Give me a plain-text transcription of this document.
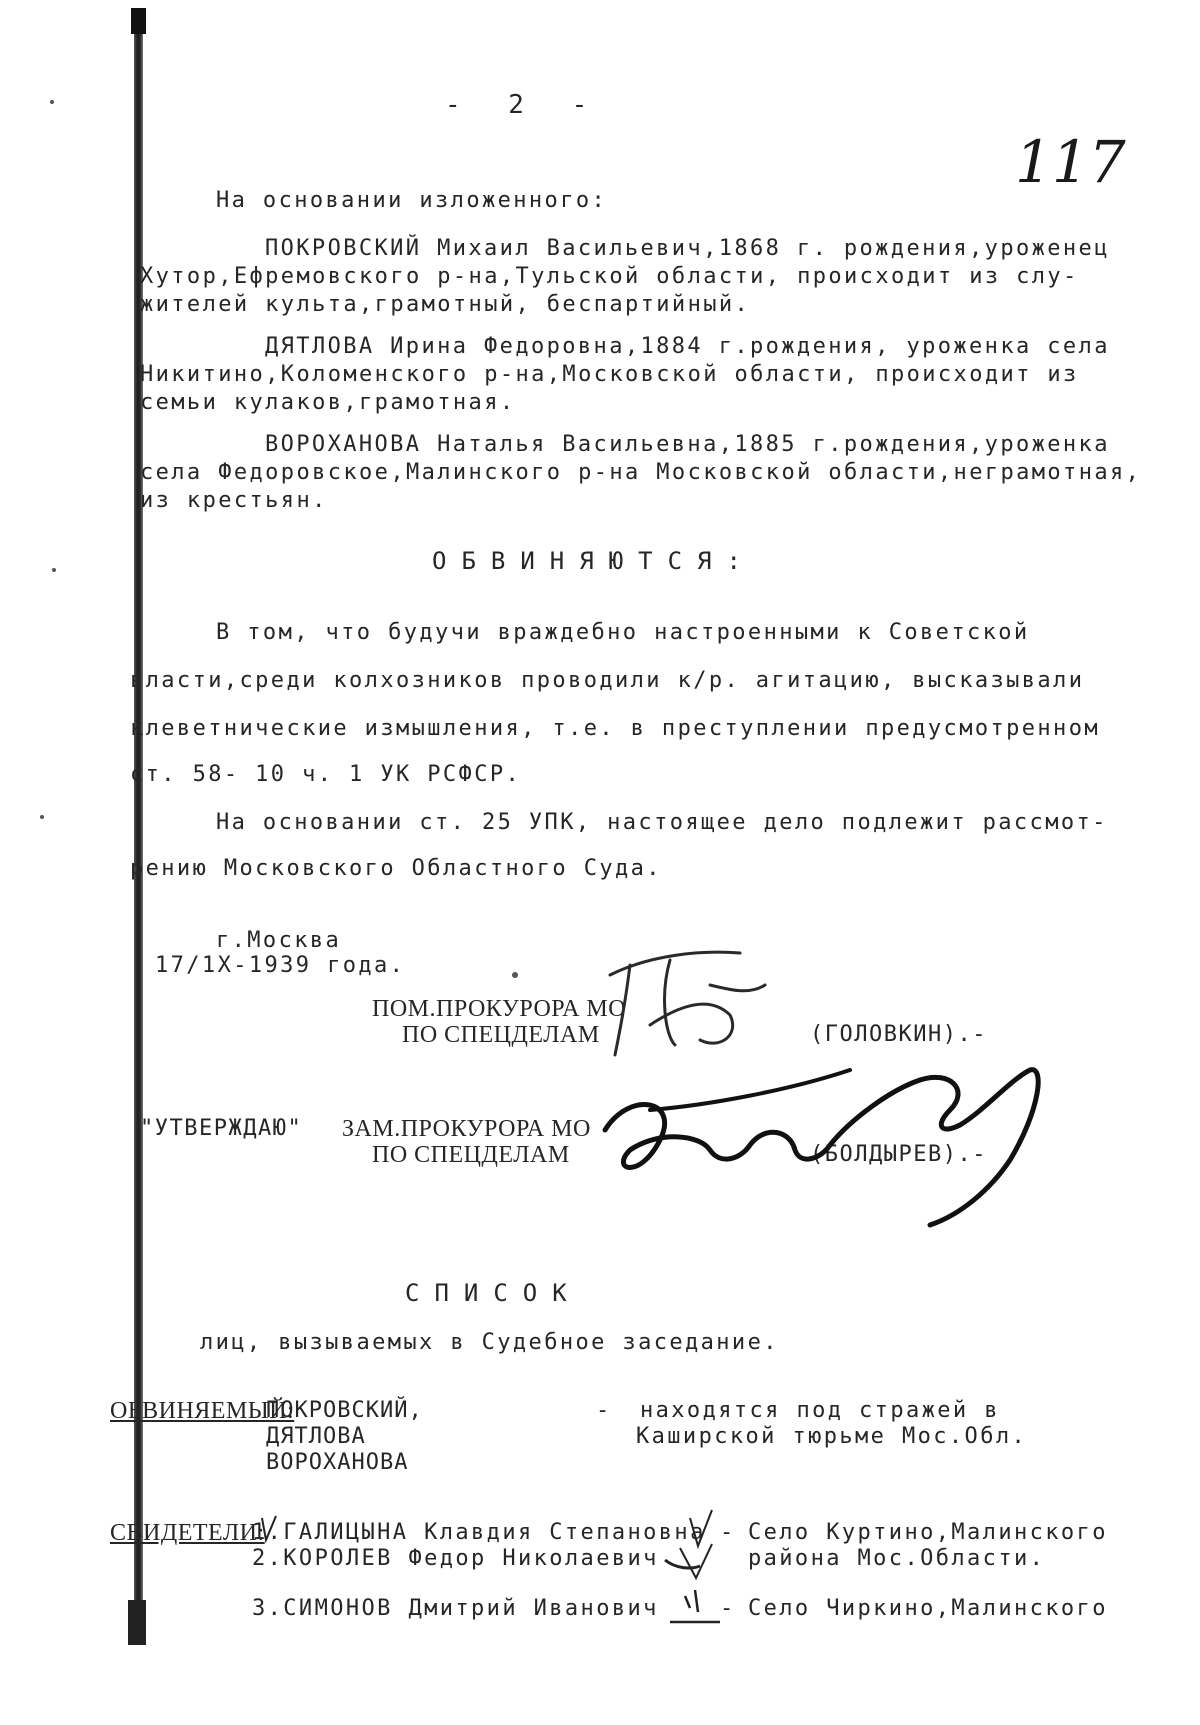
- 2 -
117
На основании изложенного:
ПОКРОВСКИЙ Михаил Васильевич,1868 г. рождения,уроженец
Хутор,Ефремовского р-на,Тульской области, происходит из слу-
жителей культа,грамотный, беспартийный.
ДЯТЛОВА Ирина Федоровна,1884 г.рождения, уроженка села
Никитино,Коломенского р-на,Московской области, происходит из
семьи кулаков,грамотная.
ВОРОХАНОВА Наталья Васильевна,1885 г.рождения,уроженка
села Федоровское,Малинского р-на Московской области,неграмотная,
из крестьян.
ОБВИНЯЮТСЯ:
В том, что будучи враждебно настроенными к Советской
власти,среди колхозников проводили к/р. агитацию, высказывали
клеветнические измышления, т.е. в преступлении предусмотренном
ст. 58- 10 ч. 1 УК РСФСР.
На основании ст. 25 УПК, настоящее дело подлежит рассмот-
рению Московского Областного Суда.
г.Москва
17/1Х-1939 года.
ПОМ.ПРОКУРОРА МО
ПО СПЕЦДЕЛАМ	(ГОЛОВКИН).-
"УТВЕРЖДАЮ" ЗАМ.ПРОКУРОРА МО
ПО СПЕЦДЕЛАМ	(БОЛДЫРЕВ).-
СПИСОК
лиц, вызываемых в Судебное заседание.
ОБВИНЯЕМЫЙ:
ПОКРОВСКИЙ,
ДЯТЛОВА
ВОРОХАНОВА
- находятся под стражей в
Каширской тюрьме Мос.Обл.
СВИДЕТЕЛИ:
1.ГАЛИЦЫНА Клавдия Степановна
2.КОРОЛЕВ Федор Николаевич
3.СИМОНОВ Дмитрий Иванович
-
-
Село Куртино,Малинского
района Мос.Области.
Село Чиркино,Малинского
